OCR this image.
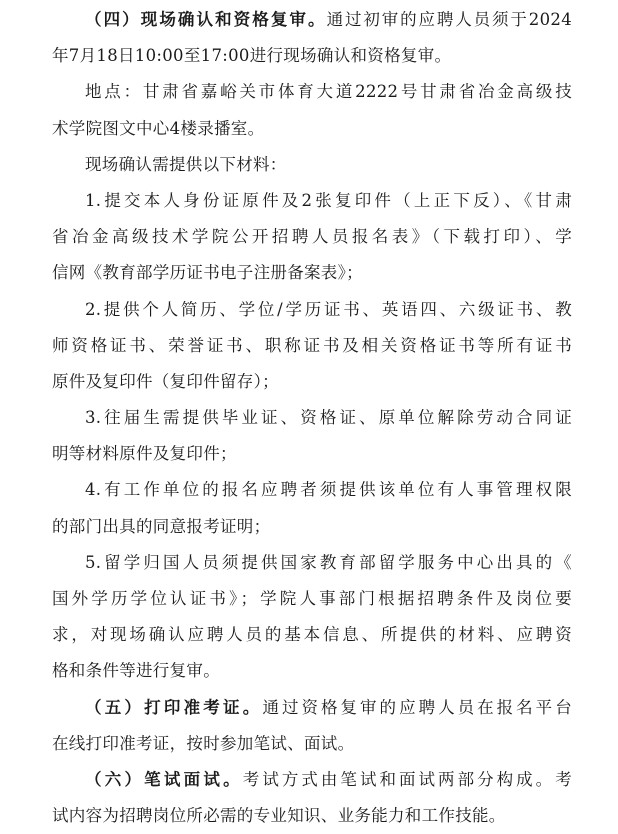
（四）现场确认和资格复审。通过初审的应聘人员须于2024
年7月18日10:00至17:00进行现场确认和资格复审。
地点：甘肃省嘉峪关市体育大道2222号甘肃省冶金高级技
术学院图文中心4楼录播室。
现场确认需提供以下材料：
1.提交本人身份证原件及2张复印件（上正下反）、《甘肃
省冶金高级技术学院公开招聘人员报名表》（下载打印）、学
信网《教育部学历证书电子注册备案表》；
2.提供个人简历、学位/学历证书、英语四、六级证书、教
师资格证书、荣誉证书、职称证书及相关资格证书等所有证书
原件及复印件（复印件留存）；
3.往届生需提供毕业证、资格证、原单位解除劳动合同证
明等材料原件及复印件；
4.有工作单位的报名应聘者须提供该单位有人事管理权限
的部门出具的同意报考证明；
5.留学归国人员须提供国家教育部留学服务中心出具的《
国外学历学位认证书》；学院人事部门根据招聘条件及岗位要
求，对现场确认应聘人员的基本信息、所提供的材料、应聘资
格和条件等进行复审。
（五）打印准考证。通过资格复审的应聘人员在报名平台
在线打印准考证，按时参加笔试、面试。
（六）笔试面试。考试方式由笔试和面试两部分构成。考
试内容为招聘岗位所必需的专业知识、业务能力和工作技能。
